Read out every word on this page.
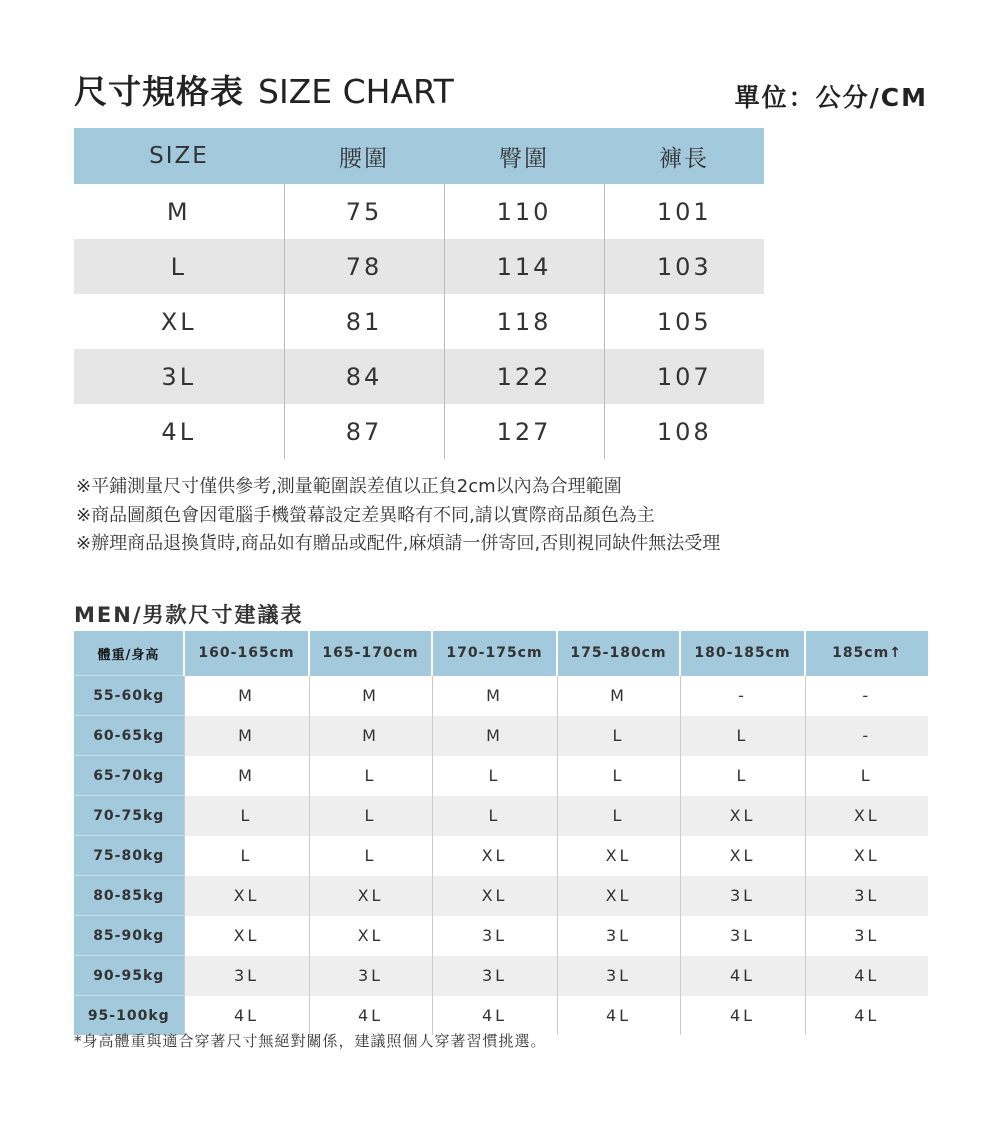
尺寸規格表 SIZE CHART	單位：公分/CM
SIZE	腰圍	臀圍	褲長
M	75	110	101
L	78	114	103
XL	81	118	105
3L	84	122	107
4L	87	127	108
※平鋪測量尺寸僅供參考,測量範圍誤差值以正負2cm以內為合理範圍
※商品圖顏色會因電腦手機螢幕設定差異略有不同,請以實際商品顏色為主
※辦理商品退換貨時,商品如有贈品或配件,麻煩請一併寄回,否則視同缺件無法受理
MEN/男款尺寸建議表
體重/身高	160-165cm	165-170cm	170-175cm	175-180cm	180-185cm	185cm↑
55-60kg	M	M	M	M	-	-
60-65kg	M	M	M	L	L	-
65-70kg	M	L	L	L	L	L
70-75kg	L	L	L	L	XL	XL
75-80kg	L	L	XL	XL	XL	XL
80-85kg	XL	XL	XL	XL	3L	3L
85-90kg	XL	XL	3L	3L	3L	3L
90-95kg	3L	3L	3L	3L	4L	4L
95-100kg	4L	4L	4L	4L	4L	4L
*身高體重與適合穿著尺寸無絕對關係，建議照個人穿著習慣挑選。
